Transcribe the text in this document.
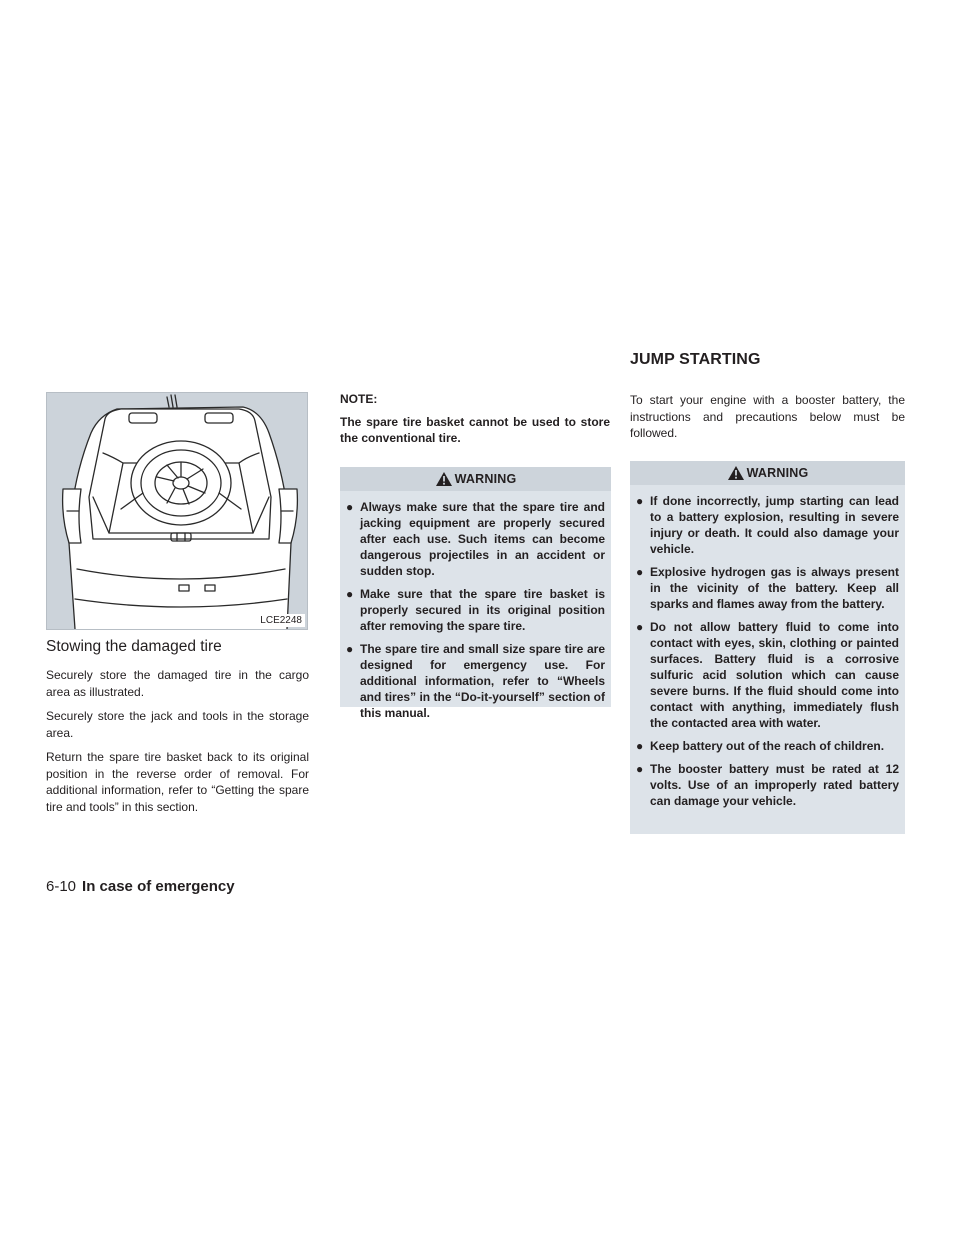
JUMP STARTING
LCE2248
Stowing the damaged tire

Securely store the damaged tire in the cargo area as illustrated.

Securely store the jack and tools in the storage area.

Return the spare tire basket back to its original position in the reverse order of removal. For additional information, refer to “Getting the spare tire and tools” in this section.

NOTE:
The spare tire basket cannot be used to store the conventional tire.
WARNING
● Always make sure that the spare tire and jacking equipment are properly secured after each use. Such items can become dangerous projectiles in an accident or sudden stop.
● Make sure that the spare tire basket is properly secured in its original position after removing the spare tire.
● The spare tire and small size spare tire are designed for emergency use. For additional information, refer to “Wheels and tires” in the “Do-it-yourself” section of this manual.
To start your engine with a booster battery, the instructions and precautions below must be followed.
WARNING
● If done incorrectly, jump starting can lead to a battery explosion, resulting in severe injury or death. It could also damage your vehicle.
● Explosive hydrogen gas is always present in the vicinity of the battery. Keep all sparks and flames away from the battery.
● Do not allow battery fluid to come into contact with eyes, skin, clothing or painted surfaces. Battery fluid is a corrosive sulfuric acid solution which can cause severe burns. If the fluid should come into contact with anything, immediately flush the contacted area with water.
● Keep battery out of the reach of children.
● The booster battery must be rated at 12 volts. Use of an improperly rated battery can damage your vehicle.
6-10 In case of emergency
